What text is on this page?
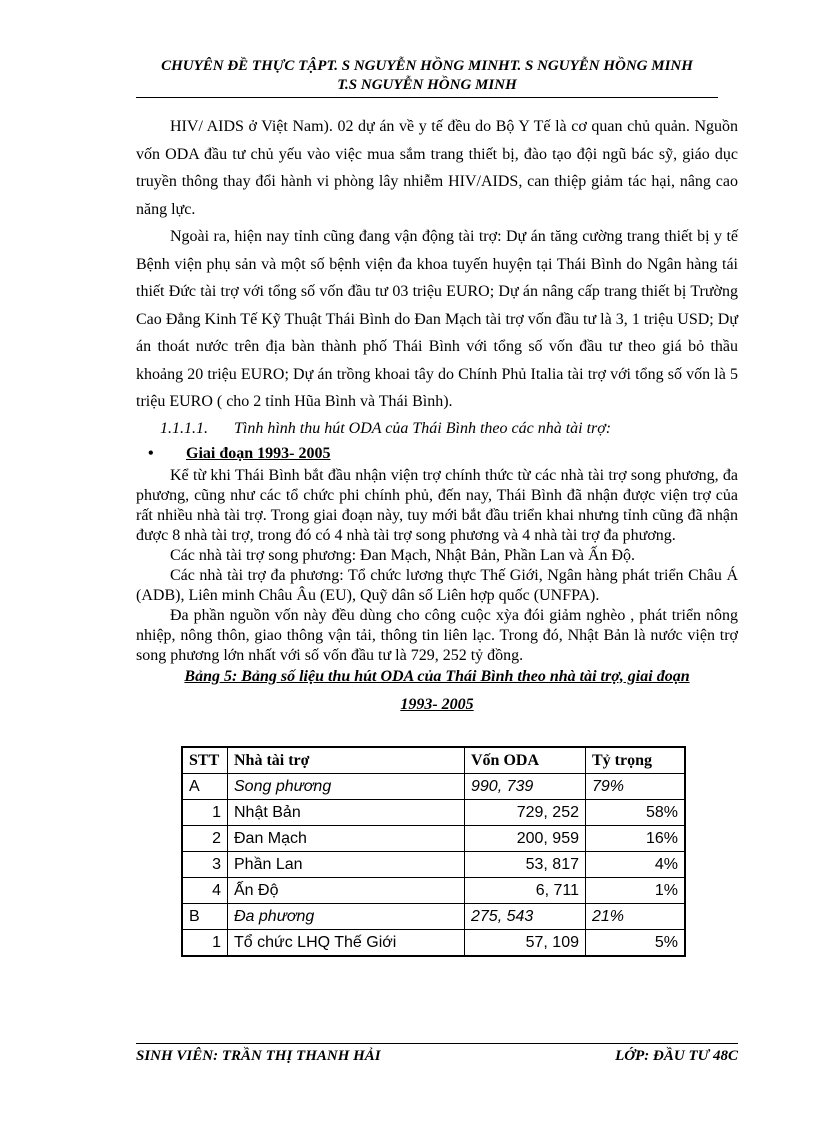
CHUYÊN ĐỀ THỰC TẬPT. S NGUYỄN HỒNG MINHT. S NGUYỄN HỒNG MINH
T.S NGUYỄN HỒNG MINH

HIV/ AIDS ở Việt Nam). 02 dự án về y tế đều do Bộ Y Tế là cơ quan chủ quản. Nguồn vốn ODA đầu tư chủ yếu vào việc mua sắm trang thiết bị, đào tạo đội ngũ bác sỹ, giáo dục truyền thông thay đổi hành vi phòng lây nhiễm HIV/AIDS, can thiệp giảm tác hại, nâng cao năng lực.

Ngoài ra, hiện nay tỉnh cũng đang vận động tài trợ: Dự án tăng cường trang thiết bị y tế Bệnh viện phụ sản và một số bệnh viện đa khoa tuyến huyện tại Thái Bình do Ngân hàng tái thiết Đức tài trợ với tổng số vốn đầu tư 03 triệu EURO; Dự án nâng cấp trang thiết bị Trường Cao Đẳng Kinh Tế Kỹ Thuật Thái Bình do Đan Mạch tài trợ vốn đầu tư là 3, 1 triệu USD; Dự án thoát nước trên địa bàn thành phố Thái Bình với tổng số vốn đầu tư theo giá bỏ thầu khoảng 20 triệu EURO; Dự án trồng khoai tây do Chính Phủ Italia tài trợ với tổng số vốn là 5 triệu EURO ( cho 2 tỉnh Hũa Bình và Thái Bình).

1.1.1.1. Tình hình thu hút ODA của Thái Bình theo các nhà tài trợ:
• Giai đoạn 1993- 2005

Kể từ khi Thái Bình bắt đầu nhận viện trợ chính thức từ các nhà tài trợ song phương, đa phương, cũng như các tổ chức phi chính phủ, đến nay, Thái Bình đã nhận được viện trợ của rất nhiều nhà tài trợ. Trong giai đoạn này, tuy mới bắt đầu triển khai nhưng tỉnh cũng đã nhận được 8 nhà tài trợ, trong đó có 4 nhà tài trợ song phương và 4 nhà tài trợ đa phương.

Các nhà tài trợ song phương: Đan Mạch, Nhật Bản, Phần Lan và Ấn Độ.

Các nhà tài trợ đa phương: Tổ chức lương thực Thế Giới, Ngân hàng phát triển Châu Á (ADB), Liên minh Châu Âu (EU), Quỹ dân số Liên hợp quốc (UNFPA).

Đa phần nguồn vốn này đều dùng cho công cuộc xỳa đói giảm nghèo , phát triển nông nhiệp, nông thôn, giao thông vận tải, thông tin liên lạc. Trong đó, Nhật Bản là nước viện trợ song phương lớn nhất với số vốn đầu tư là 729, 252 tỷ đồng.

Bảng 5: Bảng số liệu thu hút ODA của Thái Bình theo nhà tài trợ, giai đoạn
1993- 2005
STT	Nhà tài trợ	Vốn ODA	Tỷ trọng
A	Song phương	990, 739	79%
1	Nhật Bản	729, 252	58%
2	Đan Mạch	200, 959	16%
3	Phần Lan	53, 817	4%
4	Ấn Độ	6, 711	1%
B	Đa phương	275, 543	21%
1	Tổ chức LHQ Thế Giới	57, 109	5%
SINH VIÊN: TRẦN THỊ THANH HẢI	LỚP: ĐẦU TƯ 48C
